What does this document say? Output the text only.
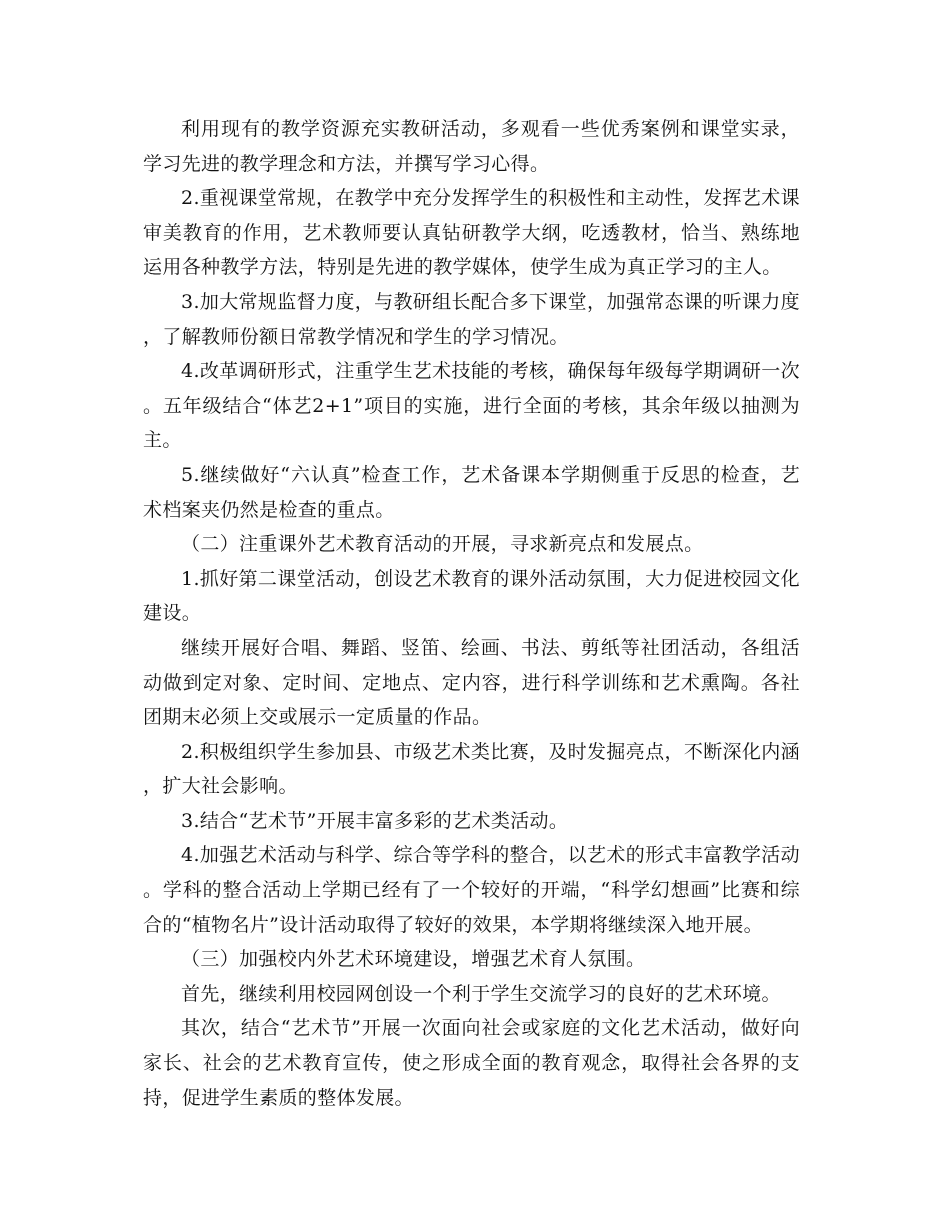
利用现有的教学资源充实教研活动，多观看一些优秀案例和课堂实录，学习先进的教学理念和方法，并撰写学习心得。

2.重视课堂常规，在教学中充分发挥学生的积极性和主动性，发挥艺术课审美教育的作用，艺术教师要认真钻研教学大纲，吃透教材，恰当、熟练地运用各种教学方法，特别是先进的教学媒体，使学生成为真正学习的主人。

3.加大常规监督力度，与教研组长配合多下课堂，加强常态课的听课力度，了解教师份额日常教学情况和学生的学习情况。

4.改革调研形式，注重学生艺术技能的考核，确保每年级每学期调研一次。五年级结合“体艺2+1”项目的实施，进行全面的考核，其余年级以抽测为主。

5.继续做好“六认真”检查工作，艺术备课本学期侧重于反思的检查，艺术档案夹仍然是检查的重点。

（二）注重课外艺术教育活动的开展，寻求新亮点和发展点。

1.抓好第二课堂活动，创设艺术教育的课外活动氛围，大力促进校园文化建设。

继续开展好合唱、舞蹈、竖笛、绘画、书法、剪纸等社团活动，各组活动做到定对象、定时间、定地点、定内容，进行科学训练和艺术熏陶。各社团期末必须上交或展示一定质量的作品。

2.积极组织学生参加县、市级艺术类比赛，及时发掘亮点，不断深化内涵，扩大社会影响。

3.结合“艺术节”开展丰富多彩的艺术类活动。

4.加强艺术活动与科学、综合等学科的整合，以艺术的形式丰富教学活动。学科的整合活动上学期已经有了一个较好的开端，“科学幻想画”比赛和综合的“植物名片”设计活动取得了较好的效果，本学期将继续深入地开展。

（三）加强校内外艺术环境建设，增强艺术育人氛围。

首先，继续利用校园网创设一个利于学生交流学习的良好的艺术环境。

其次，结合“艺术节”开展一次面向社会或家庭的文化艺术活动，做好向家长、社会的艺术教育宣传，使之形成全面的教育观念，取得社会各界的支持，促进学生素质的整体发展。
